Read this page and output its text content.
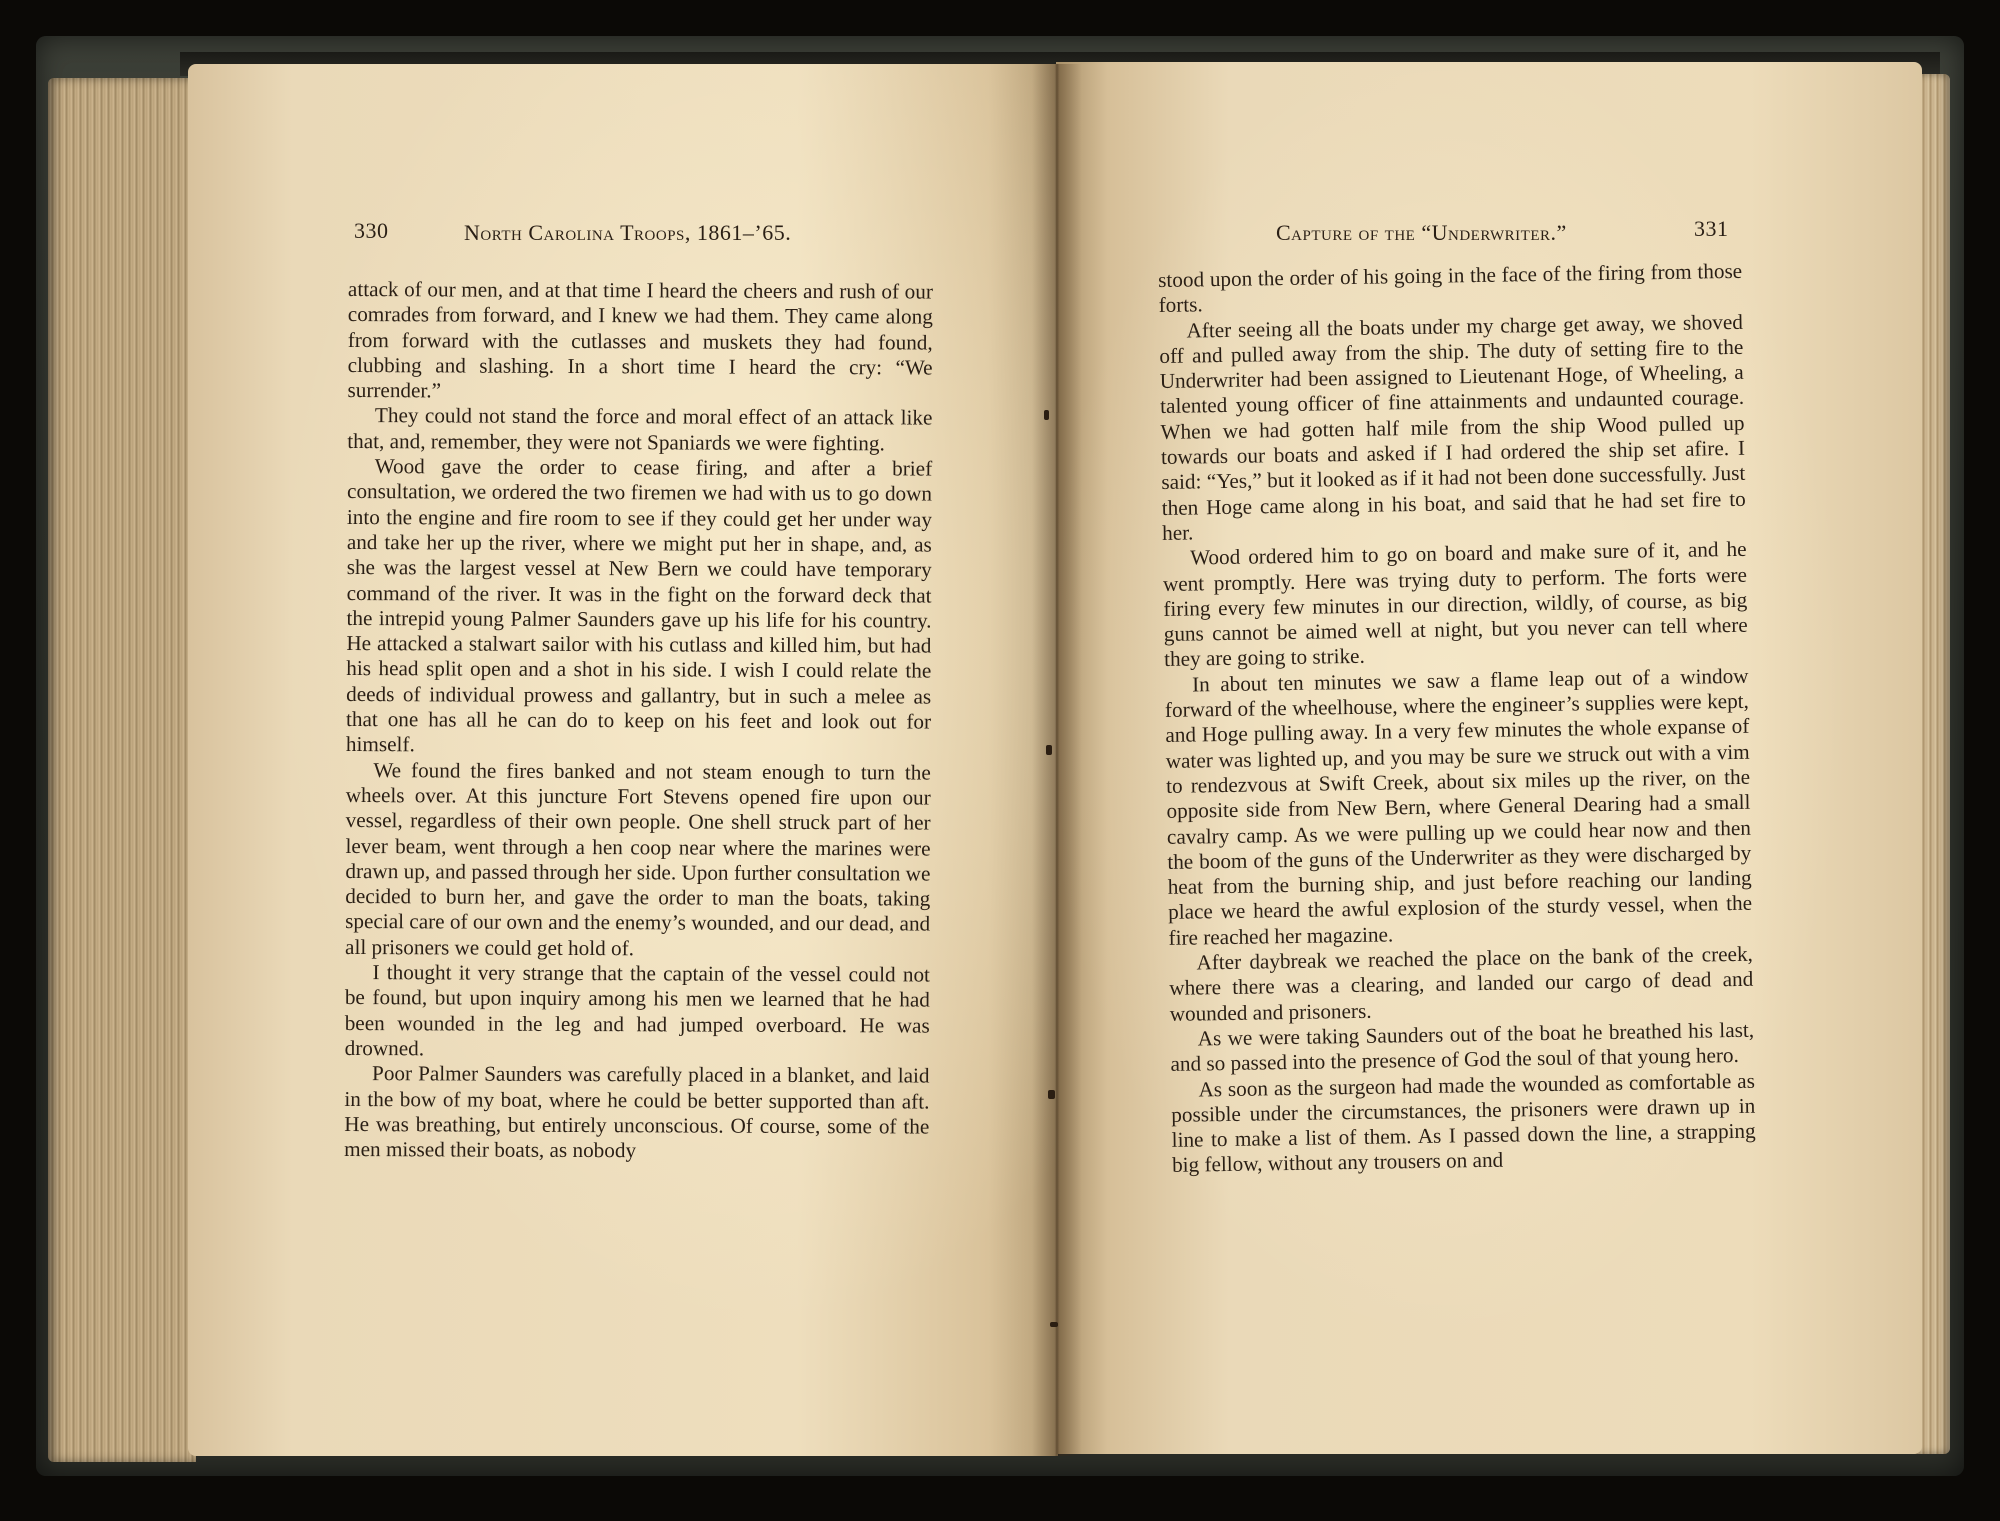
330	North Carolina Troops, 1861–’65.

attack of our men, and at that time I heard the cheers and rush of our comrades from forward, and I knew we had them. They came along from forward with the cutlasses and muskets they had found, clubbing and slashing. In a short time I heard the cry: “We surrender.”

They could not stand the force and moral effect of an attack like that, and, remember, they were not Spaniards we were fighting.

Wood gave the order to cease firing, and after a brief consultation, we ordered the two firemen we had with us to go down into the engine and fire room to see if they could get her under way and take her up the river, where we might put her in shape, and, as she was the largest vessel at New Bern we could have temporary command of the river. It was in the fight on the forward deck that the intrepid young Palmer Saunders gave up his life for his country. He attacked a stalwart sailor with his cutlass and killed him, but had his head split open and a shot in his side. I wish I could relate the deeds of individual prowess and gallantry, but in such a melee as that one has all he can do to keep on his feet and look out for himself.

We found the fires banked and not steam enough to turn the wheels over. At this juncture Fort Stevens opened fire upon our vessel, regardless of their own people. One shell struck part of her lever beam, went through a hen coop near where the marines were drawn up, and passed through her side. Upon further consultation we decided to burn her, and gave the order to man the boats, taking special care of our own and the enemy’s wounded, and our dead, and all prisoners we could get hold of.

I thought it very strange that the captain of the vessel could not be found, but upon inquiry among his men we learned that he had been wounded in the leg and had jumped overboard. He was drowned.

Poor Palmer Saunders was carefully placed in a blanket, and laid in the bow of my boat, where he could be better supported than aft. He was breathing, but entirely unconscious. Of course, some of the men missed their boats, as nobody

Capture of the “Underwriter.”	331

stood upon the order of his going in the face of the firing from those forts.

After seeing all the boats under my charge get away, we shoved off and pulled away from the ship. The duty of setting fire to the Underwriter had been assigned to Lieutenant Hoge, of Wheeling, a talented young officer of fine attainments and undaunted courage. When we had gotten half mile from the ship Wood pulled up towards our boats and asked if I had ordered the ship set afire. I said: “Yes,” but it looked as if it had not been done successfully. Just then Hoge came along in his boat, and said that he had set fire to her.

Wood ordered him to go on board and make sure of it, and he went promptly. Here was trying duty to perform. The forts were firing every few minutes in our direction, wildly, of course, as big guns cannot be aimed well at night, but you never can tell where they are going to strike.

In about ten minutes we saw a flame leap out of a window forward of the wheelhouse, where the engineer’s supplies were kept, and Hoge pulling away. In a very few minutes the whole expanse of water was lighted up, and you may be sure we struck out with a vim to rendezvous at Swift Creek, about six miles up the river, on the opposite side from New Bern, where General Dearing had a small cavalry camp. As we were pulling up we could hear now and then the boom of the guns of the Underwriter as they were discharged by heat from the burning ship, and just before reaching our landing place we heard the awful explosion of the sturdy vessel, when the fire reached her magazine.

After daybreak we reached the place on the bank of the creek, where there was a clearing, and landed our cargo of dead and wounded and prisoners.

As we were taking Saunders out of the boat he breathed his last, and so passed into the presence of God the soul of that young hero.

As soon as the surgeon had made the wounded as comfortable as possible under the circumstances, the prisoners were drawn up in line to make a list of them. As I passed down the line, a strapping big fellow, without any trousers on and
